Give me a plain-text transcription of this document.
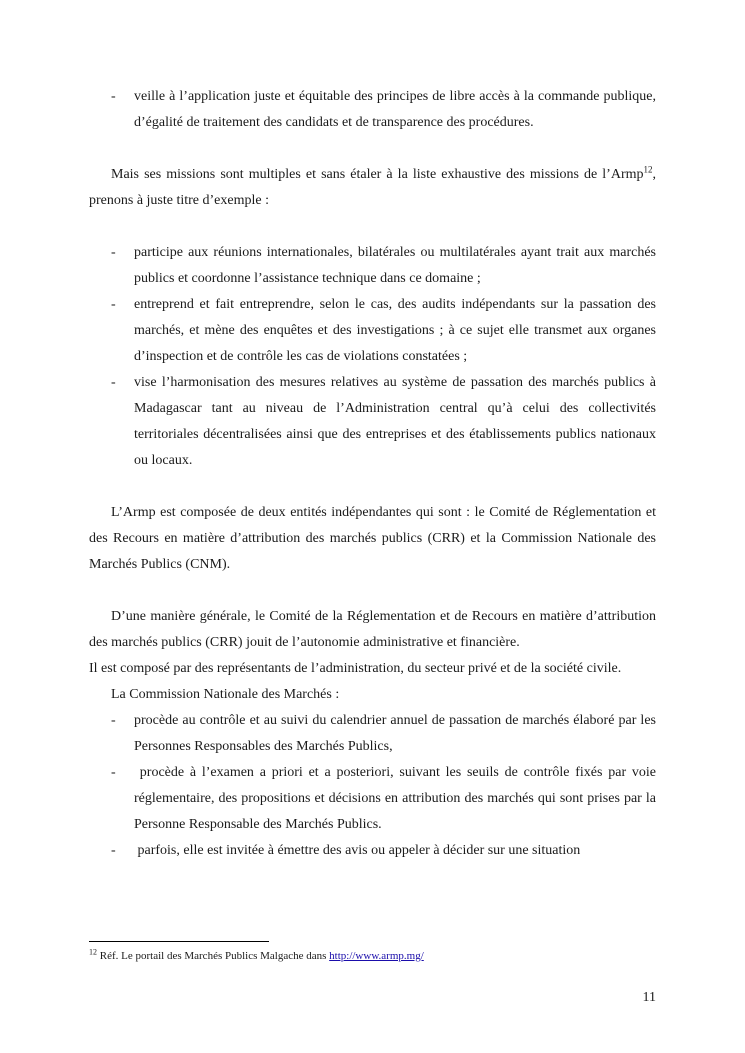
- veille à l’application juste et équitable des principes de libre accès à la commande publique, d’égalité de traitement des candidats et de transparence des procédures.

Mais ses missions sont multiples et sans étaler à la liste exhaustive des missions de l’Armp$^{12}$, prenons à juste titre d’exemple :

- participe aux réunions internationales, bilatérales ou multilatérales ayant trait aux marchés publics et coordonne l’assistance technique dans ce domaine ;
- entreprend et fait entreprendre, selon le cas, des audits indépendants sur la passation des marchés, et mène des enquêtes et des investigations ; à ce sujet elle transmet aux organes d’inspection et de contrôle les cas de violations constatées ;
- vise l’harmonisation des mesures relatives au système de passation des marchés publics à Madagascar tant au niveau de l’Administration central qu’à celui des collectivités territoriales décentralisées ainsi que des entreprises et des établissements publics nationaux ou locaux.

L’Armp est composée de deux entités indépendantes qui sont : le Comité de Réglementation et des Recours en matière d’attribution des marchés publics (CRR) et la Commission Nationale des Marchés Publics (CNM).

D’une manière générale, le Comité de la Réglementation et de Recours en matière d’attribution des marchés publics (CRR) jouit de l’autonomie administrative et financière.

Il est composé par des représentants de l’administration, du secteur privé et de la société civile.

La Commission Nationale des Marchés :

- procède au contrôle et au suivi du calendrier annuel de passation de marchés élaboré par les Personnes Responsables des Marchés Publics,
- procède à l’examen a priori et a posteriori, suivant les seuils de contrôle fixés par voie réglementaire, des propositions et décisions en attribution des marchés qui sont prises par la Personne Responsable des Marchés Publics.
- parfois, elle est invitée à émettre des avis ou appeler à décider sur une situation
$^{12}$ Réf. Le portail des Marchés Publics Malgache dans http://www.armp.mg/
11
